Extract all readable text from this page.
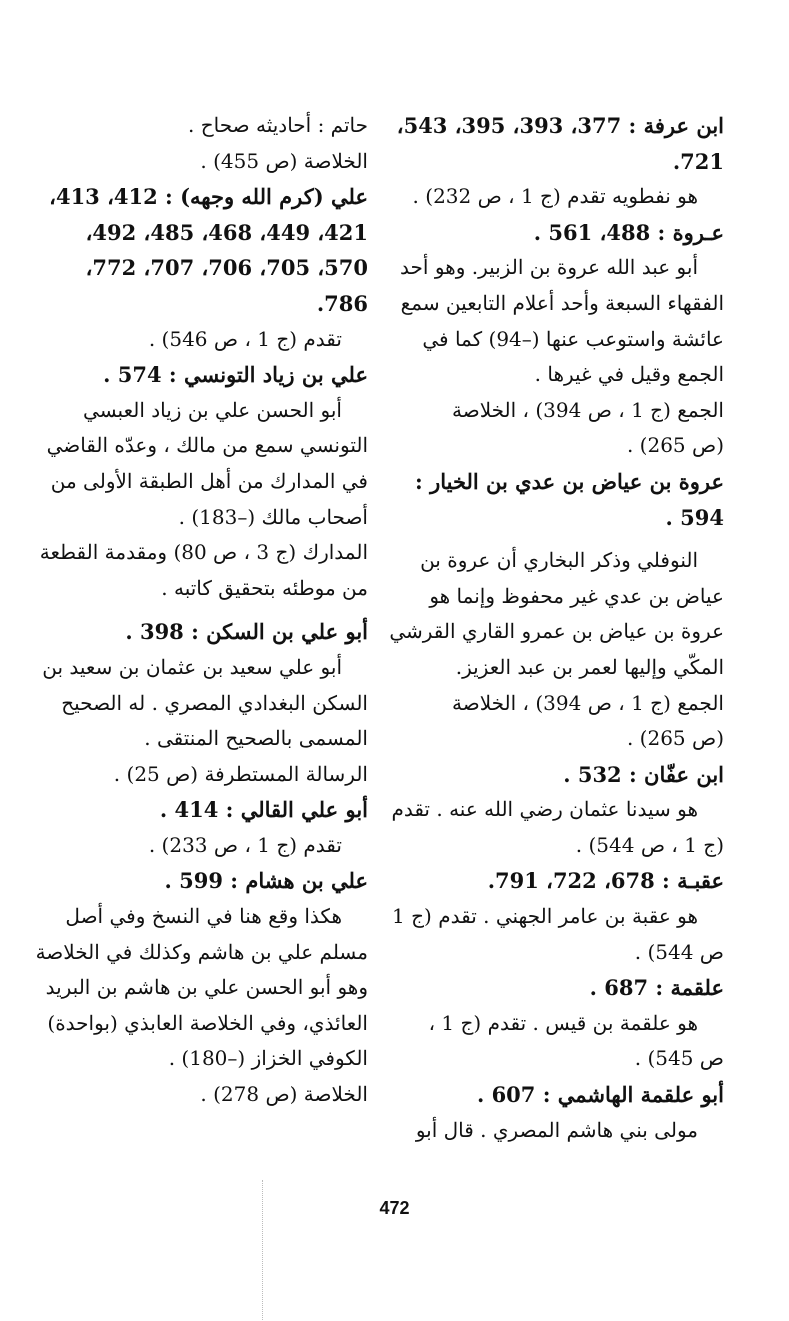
ابن عرفة : 377، 393، 395، 543،
721.
هو نفطويه تقدم (ج 1 ، ص 232) .
عـروة : 488، 561 .
أبو عبد الله عروة بن الزبير. وهو أحد
الفقهاء السبعة وأحد أعلام التابعين سمع
عائشة واستوعب عنها (–94) كما في
الجمع وقيل في غيرها .
الجمع (ج 1 ، ص 394) ، الخلاصة
(ص 265) .
عروة بن عياض بن عدي بن الخيار :
594 .
النوفلي وذكر البخاري أن عروة بن
عياض بن عدي غير محفوظ وإنما هو
عروة بن عياض بن عمرو القاري القرشي
المكّي وإليها لعمر بن عبد العزيز.
الجمع (ج 1 ، ص 394) ، الخلاصة
(ص 265) .
ابن عفّان : 532 .
هو سيدنا عثمان رضي الله عنه . تقدم
(ج 1 ، ص 544) .
عقبـة : 678، 722، 791.
هو عقبة بن عامر الجهني . تقدم (ج 1
ص 544) .
علقمة : 687 .
هو علقمة بن قيس . تقدم (ج 1 ،
ص 545) .
أبو علقمة الهاشمي : 607 .
مولى بني هاشم المصري . قال أبو
حاتم : أحاديثه صحاح .
الخلاصة (ص 455) .
علي (كرم الله وجهه) : 412، 413،
421، 449، 468، 485، 492،
570، 705، 706، 707، 772،
786.
تقدم (ج 1 ، ص 546) .
علي بن زياد التونسي : 574 .
أبو الحسن علي بن زياد العبسي
التونسي سمع من مالك ، وعدّه القاضي
في المدارك من أهل الطبقة الأولى من
أصحاب مالك (–183) .
المدارك (ج 3 ، ص 80) ومقدمة القطعة
من موطئه بتحقيق كاتبه .
أبو علي بن السكن : 398 .
أبو علي سعيد بن عثمان بن سعيد بن
السكن البغدادي المصري . له الصحيح
المسمى بالصحيح المنتقى .
الرسالة المستطرفة (ص 25) .
أبو علي القالي : 414 .
تقدم (ج 1 ، ص 233) .
علي بن هشام : 599 .
هكذا وقع هنا في النسخ وفي أصل
مسلم علي بن هاشم وكذلك في الخلاصة
وهو أبو الحسن علي بن هاشم بن البريد
العائذي، وفي الخلاصة العابذي (بواحدة)
الكوفي الخزاز (–180) .
الخلاصة (ص 278) .
472
